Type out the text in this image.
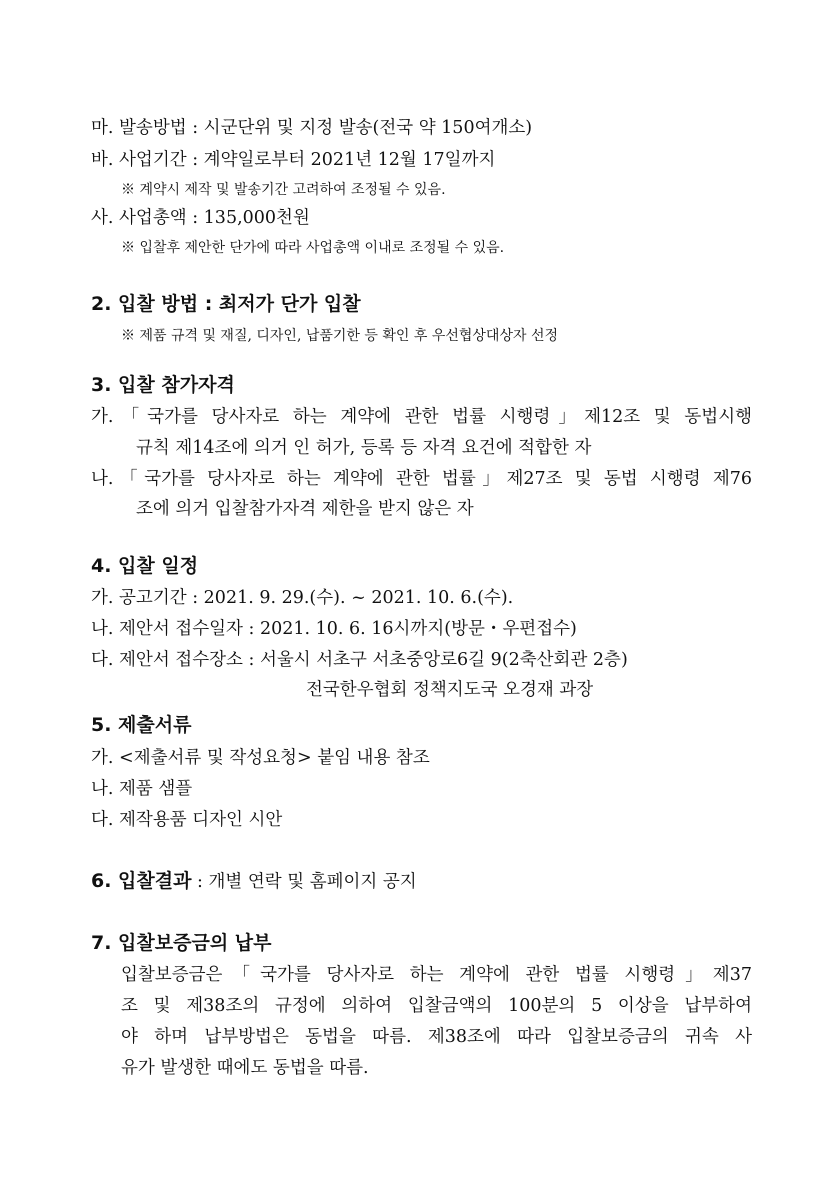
마. 발송방법 : 시군단위 및 지정 발송(전국 약 150여개소)
바. 사업기간 : 계약일로부터 2021년 12월 17일까지
※ 계약시 제작 및 발송기간 고려하여 조정될 수 있음.
사. 사업총액 : 135,000천원
※ 입찰후 제안한 단가에 따라 사업총액 이내로 조정될 수 있음.
2. 입찰 방법 : 최저가 단가 입찰
※ 제품 규격 및 재질, 디자인, 납품기한 등 확인 후 우선협상대상자 선정
3. 입찰 참가자격
가.「국가를 당사자로 하는 계약에 관한 법률 시행령」제12조 및 동법시행
규칙 제14조에 의거 인 허가, 등록 등 자격 요건에 적합한 자
나.「국가를 당사자로 하는 계약에 관한 법률」제27조 및 동법 시행령 제76
조에 의거 입찰참가자격 제한을 받지 않은 자
4. 입찰 일정
가. 공고기간 : 2021. 9. 29.(수). ~ 2021. 10. 6.(수).
나. 제안서 접수일자 : 2021. 10. 6. 16시까지(방문・우편접수)
다. 제안서 접수장소 : 서울시 서초구 서초중앙로6길 9(2축산회관 2층)
전국한우협회 정책지도국 오경재 과장
5. 제출서류
가. <제출서류 및 작성요청> 붙임 내용 참조
나. 제품 샘플
다. 제작용품 디자인 시안
6. 입찰결과 : 개별 연락 및 홈페이지 공지
7. 입찰보증금의 납부
입찰보증금은「국가를 당사자로 하는 계약에 관한 법률 시행령」제37
조 및 제38조의 규정에 의하여 입찰금액의 100분의 5 이상을 납부하여
야 하며 납부방법은 동법을 따름. 제38조에 따라 입찰보증금의 귀속 사
유가 발생한 때에도 동법을 따름.
